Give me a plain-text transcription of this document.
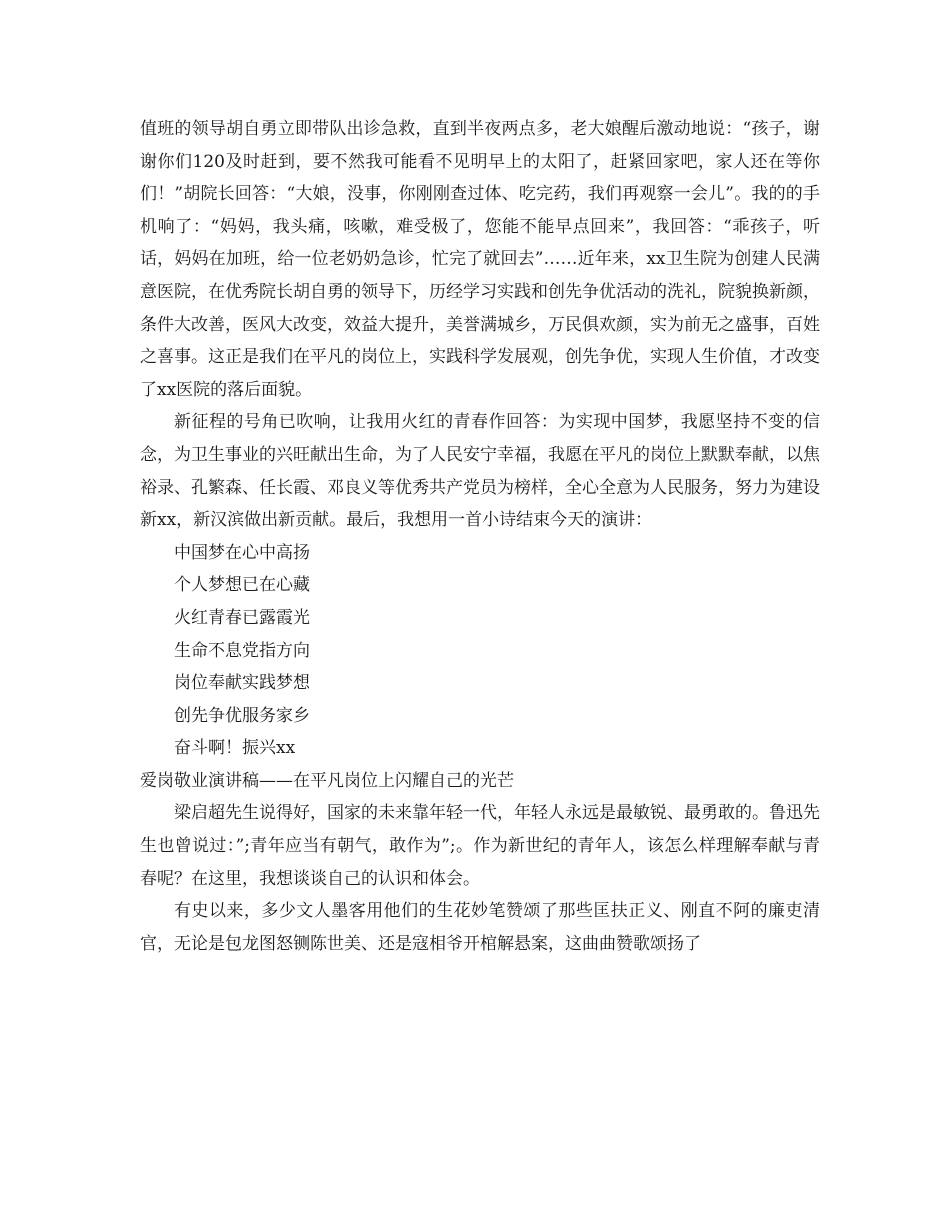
值班的领导胡自勇立即带队出诊急救，直到半夜两点多，老大娘醒后激动地说：“孩子，谢谢你们120及时赶到，要不然我可能看不见明早上的太阳了，赶紧回家吧，家人还在等你们！”胡院长回答：“大娘，没事，你刚刚查过体、吃完药，我们再观察一会儿”。我的的手机响了：“妈妈，我头痛，咳嗽，难受极了，您能不能早点回来”，我回答：“乖孩子，听话，妈妈在加班，给一位老奶奶急诊，忙完了就回去”……近年来，xx卫生院为创建人民满意医院，在优秀院长胡自勇的领导下，历经学习实践和创先争优活动的洗礼，院貌换新颜，条件大改善，医风大改变，效益大提升，美誉满城乡，万民俱欢颜，实为前无之盛事，百姓之喜事。这正是我们在平凡的岗位上，实践科学发展观，创先争优，实现人生价值，才改变了xx医院的落后面貌。

新征程的号角已吹响，让我用火红的青春作回答：为实现中国梦，我愿坚持不变的信念，为卫生事业的兴旺献出生命，为了人民安宁幸福，我愿在平凡的岗位上默默奉献，以焦裕录、孔繁森、任长霞、邓良义等优秀共产党员为榜样，全心全意为人民服务，努力为建设新xx，新汉滨做出新贡献。最后，我想用一首小诗结束今天的演讲：

中国梦在心中高扬

个人梦想已在心藏

火红青春已露霞光

生命不息党指方向

岗位奉献实践梦想

创先争优服务家乡

奋斗啊！振兴xx

爱岗敬业演讲稿——在平凡岗位上闪耀自己的光芒

梁启超先生说得好，国家的未来靠年轻一代，年轻人永远是最敏锐、最勇敢的。鲁迅先生也曾说过：”;青年应当有朝气，敢作为”;。作为新世纪的青年人，该怎么样理解奉献与青春呢？在这里，我想谈谈自己的认识和体会。

有史以来，多少文人墨客用他们的生花妙笔赞颂了那些匡扶正义、刚直不阿的廉吏清官，无论是包龙图怒铡陈世美、还是寇相爷开棺解悬案，这曲曲赞歌颂扬了
